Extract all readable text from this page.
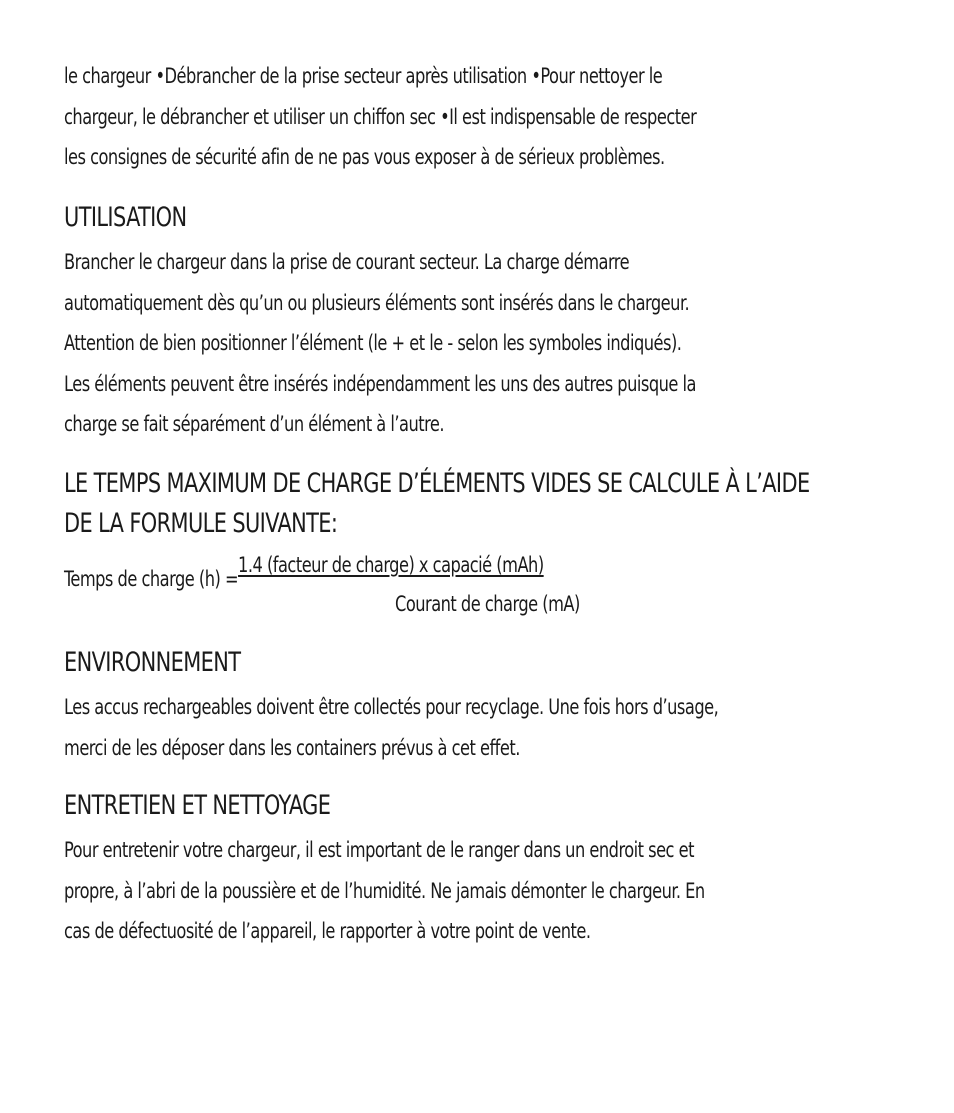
le chargeur •Débrancher de la prise secteur après utilisation •Pour nettoyer le

chargeur, le débrancher et utiliser un chiffon sec •Il est indispensable de respecter

les consignes de sécurité afin de ne pas vous exposer à de sérieux problèmes.

UTILISATION

Brancher le chargeur dans la prise de courant secteur. La charge démarre

automatiquement dès qu’un ou plusieurs éléments sont insérés dans le chargeur.

Attention de bien positionner l’élément (le + et le - selon les symboles indiqués).

Les éléments peuvent être insérés indépendamment les uns des autres puisque la

charge se fait séparément d’un élément à l’autre.

LE TEMPS MAXIMUM DE CHARGE D’ÉLÉMENTS VIDES SE CALCULE À L’AIDE
DE LA FORMULE SUIVANTE:
Temps de charge (h) =1.4 (facteur de charge) x capacié (mAh)
Courant de charge (mA)
ENVIRONNEMENT

Les accus rechargeables doivent être collectés pour recyclage. Une fois hors d’usage,

merci de les déposer dans les containers prévus à cet effet.

ENTRETIEN ET NETTOYAGE

Pour entretenir votre chargeur, il est important de le ranger dans un endroit sec et

propre, à l’abri de la poussière et de l’humidité. Ne jamais démonter le chargeur. En

cas de défectuosité de l’appareil, le rapporter à votre point de vente.
